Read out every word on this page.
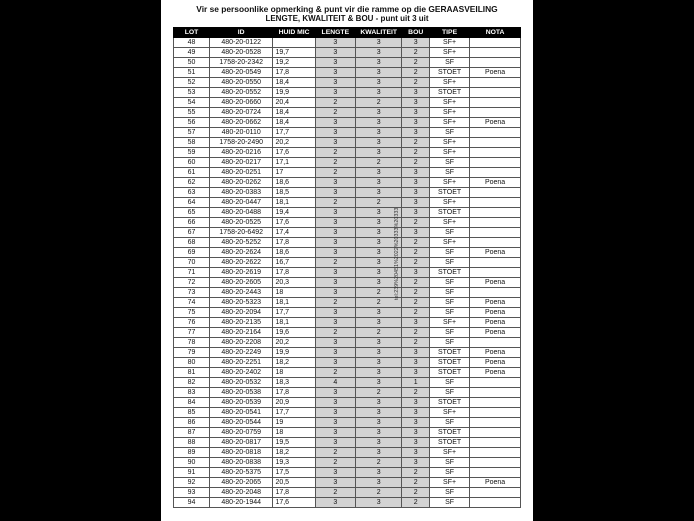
Vir se persoonlike opmerking & punt vir die ramme op die GERAASVEILING
LENGTE, KWALITEIT & BOU - punt uit 3 uit
LOT	ID	HUID MIC	LENGTE	KWALITEIT	BOU	TIPE	NOTA
48	480-20-0122		3	3	3	SF+	
49	480-20-0528	19,7	3	3	2	SF+	
50	1758-20-2342	19,2	3	3	2	SF	
51	480-20-0549	17,8	3	3	2	STOET	Poena
52	480-20-0550	18,4	3	3	2	SF+	
53	480-20-0552	19,9	3	3	3	STOET	
54	480-20-0660	20,4	2	2	3	SF+	
55	480-20-0724	18,4	2	3	3	SF+	
56	480-20-0662	18,4	3	3	3	SF+	Poena
57	480-20-0110	17,7	3	3	3	SF	
58	1758-20-2490	20,2	3	3	2	SF+	
59	480-20-0216	17,6	2	3	2	SF+	
60	480-20-0217	17,1	2	2	2	SF	
61	480-20-0251	17	2	3	3	SF	
62	480-20-0262	18,6	3	3	3	SF+	Poena
63	480-20-0383	18,5	3	3	3	STOET	
64	480-20-0447	18,1	2	2	3	SF+	
65	480-20-0488	19,4	3	3	3	STOET	
66	480-20-0525	17,6	3	3	2	SF+	
67	1758-20-6492	17,4	3	3	3	SF	
68	480-20-5252	17,8	3	3	2	SF+	
69	480-20-2624	18,6	3	3	2	SF	Poena
70	480-20-2622	16,7	2	3	2	SF	
71	480-20-2619	17,8	3	3	3	STOET	
72	480-20-2605	20,3	3	3	2	SF	Poena
73	480-20-2443	18	3	2	2	SF	
74	480-20-5323	18,1	2	2	2	SF	Poena
75	480-20-2094	17,7	3	3	2	SF	Poena
76	480-20-2135	18,1	3	3	3	SF+	Poena
77	480-20-2164	19,6	2	2	2	SF	Poena
78	480-20-2208	20,2	3	3	2	SF	
79	480-20-2249	19,9	3	3	3	STOET	Poena
80	480-20-2251	18,2	3	3	3	STOET	Poena
81	480-20-2402	18	2	3	3	STOET	Poena
82	480-20-0532	18,3	4	3	1	SF	
83	480-20-0538	17,8	3	2	2	SF	
84	480-20-0539	20,9	3	3	3	STOET	
85	480-20-0541	17,7	3	3	3	SF+	
86	480-20-0544	19	3	3	3	SF	
87	480-20-0759	18	3	3	3	STOET	
88	480-20-0817	19,5	3	3	3	STOET	
89	480-20-0818	18,2	2	3	3	SF+	
90	480-20-0838	19,3	2	2	3	SF	
91	480-20-5375	17,5	3	3	2	SF	
92	480-20-2065	20,5	3	3	2	SF+	Poena
93	480-20-2048	17,8	2	2	2	SF	
94	480-20-1944	17,6	3	3	2	SF	
tel:239%20451%2022%20333%20333
